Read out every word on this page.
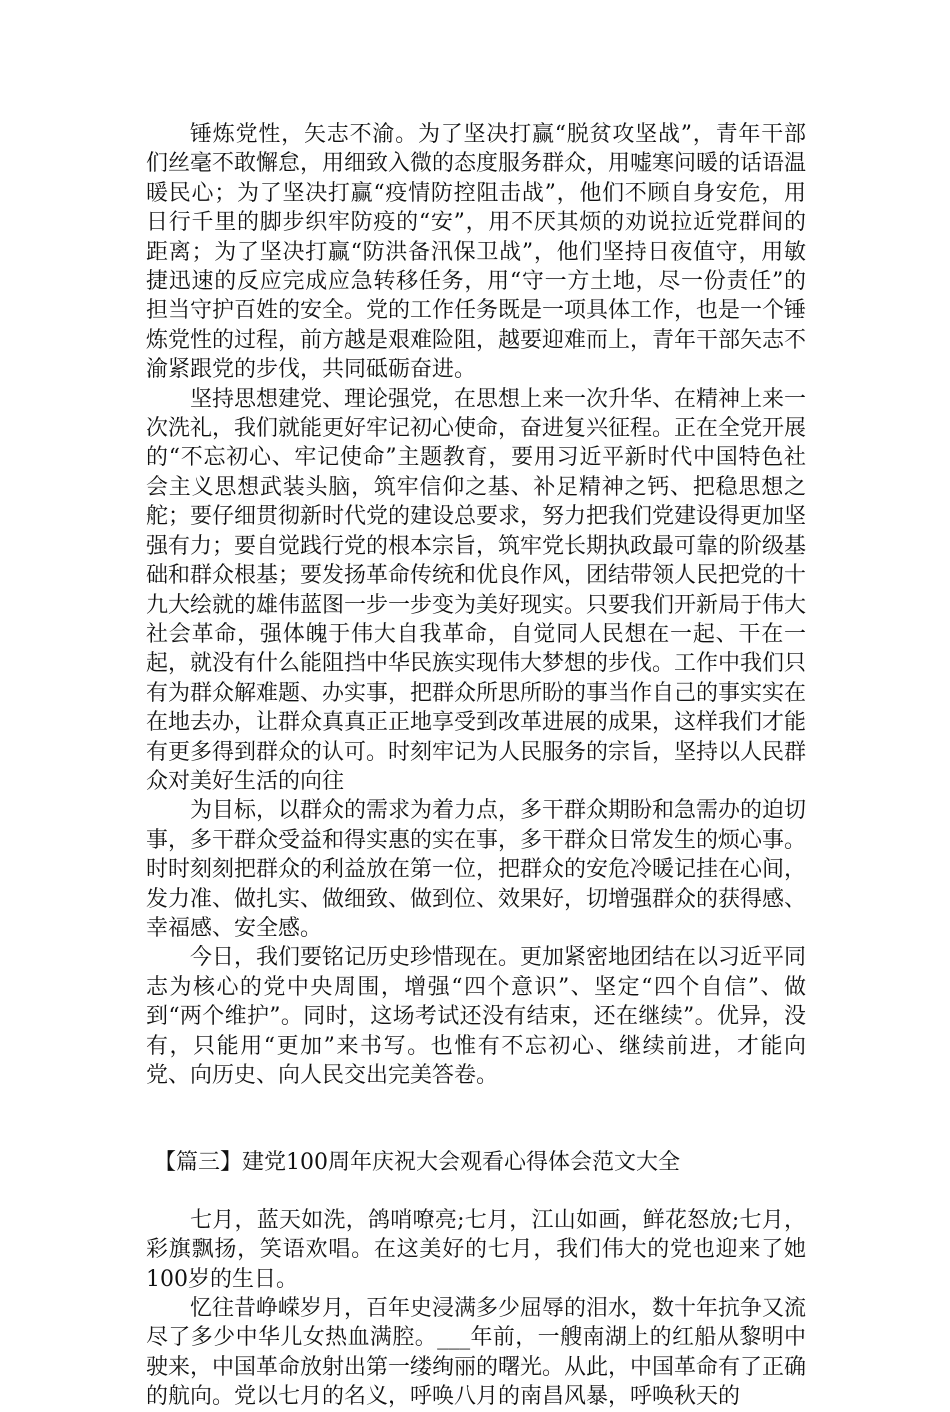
锤炼党性，矢志不渝。为了坚决打赢“脱贫攻坚战”，青年干部们丝毫不敢懈怠，用细致入微的态度服务群众，用嘘寒问暖的话语温暖民心；为了坚决打赢“疫情防控阻击战”，他们不顾自身安危，用日行千里的脚步织牢防疫的“安”，用不厌其烦的劝说拉近党群间的距离；为了坚决打赢“防洪备汛保卫战”，他们坚持日夜值守，用敏捷迅速的反应完成应急转移任务，用“守一方土地，尽一份责任”的担当守护百姓的安全。党的工作任务既是一项具体工作，也是一个锤炼党性的过程，前方越是艰难险阻，越要迎难而上，青年干部矢志不渝紧跟党的步伐，共同砥砺奋进。

坚持思想建党、理论强党，在思想上来一次升华、在精神上来一次洗礼，我们就能更好牢记初心使命，奋进复兴征程。正在全党开展的“不忘初心、牢记使命”主题教育，要用习近平新时代中国特色社会主义思想武装头脑，筑牢信仰之基、补足精神之钙、把稳思想之舵；要仔细贯彻新时代党的建设总要求，努力把我们党建设得更加坚强有力；要自觉践行党的根本宗旨，筑牢党长期执政最可靠的阶级基础和群众根基；要发扬革命传统和优良作风，团结带领人民把党的十九大绘就的雄伟蓝图一步一步变为美好现实。只要我们开新局于伟大社会革命，强体魄于伟大自我革命，自觉同人民想在一起、干在一起，就没有什么能阻挡中华民族实现伟大梦想的步伐。工作中我们只有为群众解难题、办实事，把群众所思所盼的事当作自己的事实实在在地去办，让群众真真正正地享受到改革进展的成果，这样我们才能有更多得到群众的认可。时刻牢记为人民服务的宗旨，坚持以人民群众对美好生活的向往

为目标，以群众的需求为着力点，多干群众期盼和急需办的迫切事，多干群众受益和得实惠的实在事，多干群众日常发生的烦心事。时时刻刻把群众的利益放在第一位，把群众的安危冷暖记挂在心间，发力准、做扎实、做细致、做到位、效果好，切增强群众的获得感、幸福感、安全感。

今日，我们要铭记历史珍惜现在。更加紧密地团结在以习近平同志为核心的党中央周围，增强“四个意识”、坚定“四个自信”、做到“两个维护”。同时，这场考试还没有结束，还在继续”。优异，没有，只能用“更加”来书写。也惟有不忘初心、继续前进，才能向党、向历史、向人民交出完美答卷。

【篇三】建党100周年庆祝大会观看心得体会范文大全

七月，蓝天如洗，鸽哨嘹亮;七月，江山如画，鲜花怒放;七月，彩旗飘扬，笑语欢唱。在这美好的七月，我们伟大的党也迎来了她100岁的生日。

忆往昔峥嵘岁月，百年史浸满多少屈辱的泪水，数十年抗争又流尽了多少中华儿女热血满腔。___年前，一艘南湖上的红船从黎明中驶来，中国革命放射出第一缕绚丽的曙光。从此，中国革命有了正确的航向。党以七月的名义，呼唤八月的南昌风暴，呼唤秋天的
